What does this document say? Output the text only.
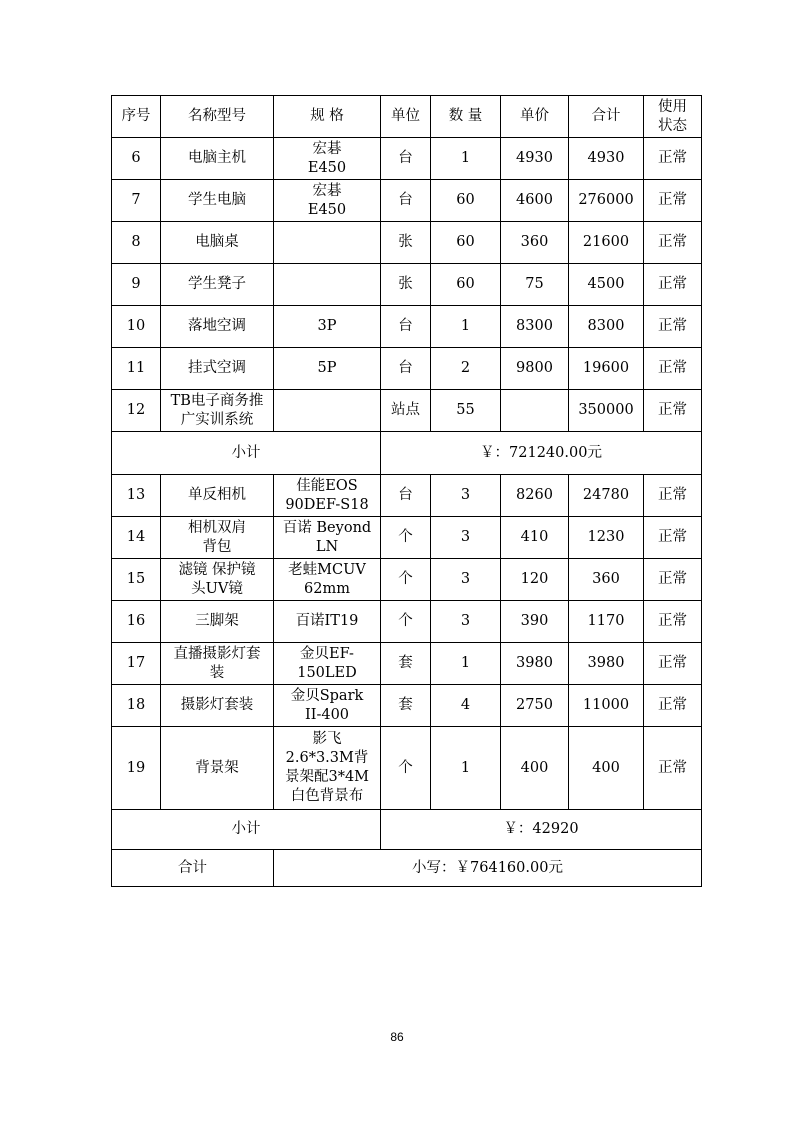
序号	名称型号	规 格	单位	数 量	单价	合计	使用
状态
6	电脑主机	宏碁
E450	台	1	4930	4930	正常
7	学生电脑	宏碁
E450	台	60	4600	276000	正常
8	电脑桌		张	60	360	21600	正常
9	学生凳子		张	60	75	4500	正常
10	落地空调	3P	台	1	8300	8300	正常
11	挂式空调	5P	台	2	9800	19600	正常
12	TB电子商务推
广实训系统		站点	55		350000	正常
小计			￥：721240.00元				
13	单反相机	佳能EOS
90DEF-S18	台	3	8260	24780	正常
14	相机双肩
背包	百诺 Beyond
LN	个	3	410	1230	正常
15	滤镜 保护镜
头UV镜	老蛙MCUV
62mm	个	3	120	360	正常
16	三脚架	百诺IT19	个	3	390	1170	正常
17	直播摄影灯套
装	金贝EF-
150LED	套	1	3980	3980	正常
18	摄影灯套装	金贝Spark
II-400	套	4	2750	11000	正常
19	背景架	影飞
2.6*3.3M背
景架配3*4M
白色背景布	个	1	400	400	正常
小计			￥：42920				
合计		小写：￥764160.00元					
86
